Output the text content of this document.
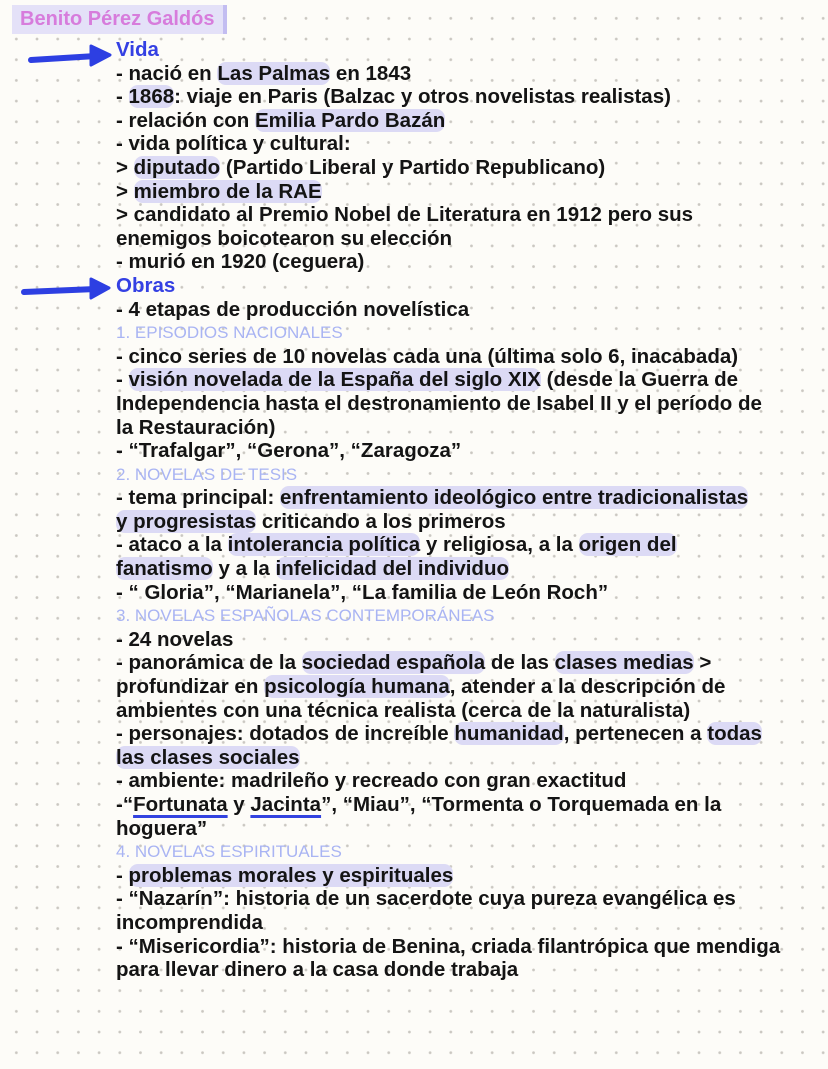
Benito Pérez Galdós
Vida
- nació en Las Palmas en 1843
- 1868: viaje en Paris (Balzac y otros novelistas realistas)
- relación con Emilia Pardo Bazán
- vida política y cultural:
> diputado (Partido Liberal y Partido Republicano)
> miembro de la RAE
> candidato al Premio Nobel de Literatura en 1912 pero sus
enemigos boicotearon su elección
- murió en 1920 (ceguera)
Obras
- 4 etapas de producción novelística
1. EPISODIOS NACIONALES
- cinco series de 10 novelas cada una (última solo 6, inacabada)
- visión novelada de la España del siglo XIX (desde la Guerra de
Independencia hasta el destronamiento de Isabel II y el período de
la Restauración)
- “Trafalgar”, “Gerona”, “Zaragoza”
2. NOVELAS DE TESIS
- tema principal: enfrentamiento ideológico entre tradicionalistas
y progresistas criticando a los primeros
- ataco a la intolerancia política y religiosa, a la origen del
fanatismo y a la infelicidad del individuo
- “ Gloria”, “Marianela”, “La familia de León Roch”
3. NOVELAS ESPAÑOLAS CONTEMPORÁNEAS
- 24 novelas
- panorámica de la sociedad española de las clases medias >
profundizar en psicología humana, atender a la descripción de
ambientes con una técnica realista (cerca de la naturalista)
- personajes: dotados de increíble humanidad, pertenecen a todas
las clases sociales
- ambiente: madrileño y recreado con gran exactitud
-“Fortunata y Jacinta”, “Miau”, “Tormenta o Torquemada en la
hoguera”
4. NOVELAS ESPIRITUALES
- problemas morales y espirituales
- “Nazarín”: historia de un sacerdote cuya pureza evangélica es
incomprendida
- “Misericordia”: historia de Benina, criada filantrópica que mendiga
para llevar dinero a la casa donde trabaja
